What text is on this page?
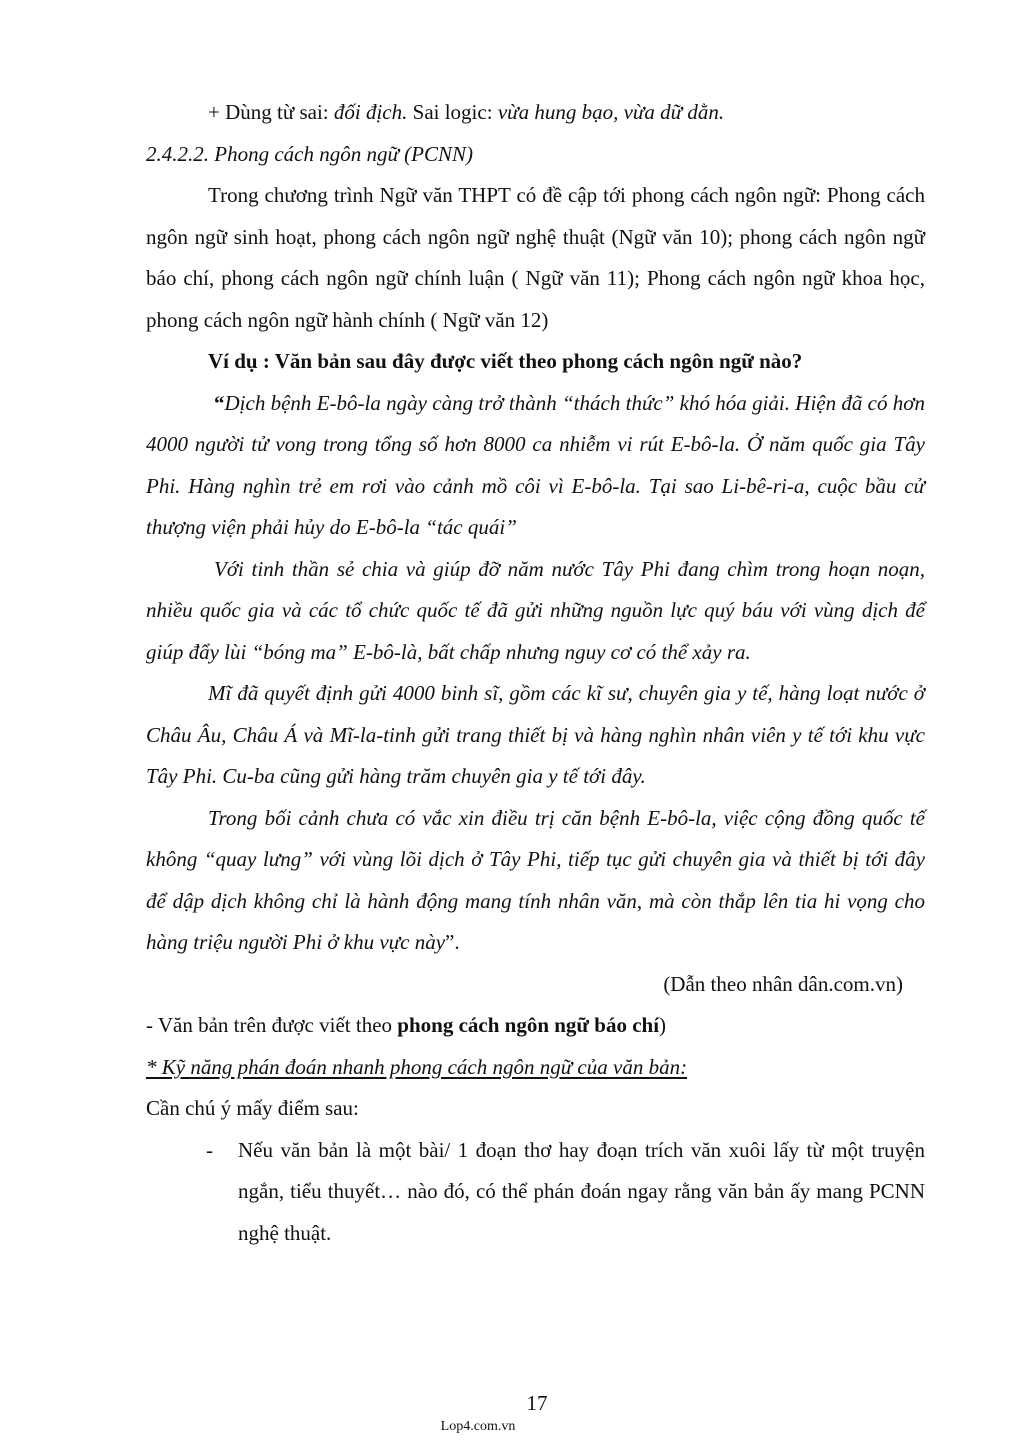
+ Dùng từ sai: đối địch. Sai logic: vừa hung bạo, vừa dữ dằn.

2.4.2.2. Phong cách ngôn ngữ (PCNN)

Trong chương trình Ngữ văn THPT có đề cập tới phong cách ngôn ngữ: Phong cách ngôn ngữ sinh hoạt, phong cách ngôn ngữ nghệ thuật (Ngữ văn 10); phong cách ngôn ngữ báo chí, phong cách ngôn ngữ chính luận ( Ngữ văn 11); Phong cách ngôn ngữ khoa học, phong cách ngôn ngữ hành chính ( Ngữ văn 12)

Ví dụ : Văn bản sau đây được viết theo phong cách ngôn ngữ nào?

“Dịch bệnh E-bô-la ngày càng trở thành “thách thức” khó hóa giải. Hiện đã có hơn 4000 người tử vong trong tổng số hơn 8000 ca nhiễm vi rút E-bô-la. Ở năm quốc gia Tây Phi. Hàng nghìn trẻ em rơi vào cảnh mồ côi vì E-bô-la. Tại sao Li-bê-ri-a, cuộc bầu cử thượng viện phải hủy do E-bô-la “tác quái”

Với tinh thần sẻ chia và giúp đỡ năm nước Tây Phi đang chìm trong hoạn noạn, nhiều quốc gia và các tổ chức quốc tế đã gửi những nguồn lực quý báu với vùng dịch để giúp đẩy lùi “bóng ma” E-bô-là, bất chấp nhưng nguy cơ có thể xảy ra.

Mĩ đã quyết định gửi 4000 binh sĩ, gồm các kĩ sư, chuyên gia y tế, hàng loạt nước ở Châu Âu, Châu Á và Mĩ-la-tinh gửi trang thiết bị và hàng nghìn nhân viên y tế tới khu vực Tây Phi. Cu-ba cũng gửi hàng trăm chuyên gia y tế tới đây.

Trong bối cảnh chưa có vắc xin điều trị căn bệnh E-bô-la, việc cộng đồng quốc tế không “quay lưng” với vùng lõi dịch ở Tây Phi, tiếp tục gửi chuyên gia và thiết bị tới đây để dập dịch không chỉ là hành động mang tính nhân văn, mà còn thắp lên tia hi vọng cho hàng triệu người Phi ở khu vực này”.

(Dẫn theo nhân dân.com.vn)

- Văn bản trên được viết theo phong cách ngôn ngữ báo chí)

* Kỹ năng phán đoán nhanh phong cách ngôn ngữ của văn bản:

Cần chú ý mấy điểm sau:

-	Nếu văn bản là một bài/ 1 đoạn thơ hay đoạn trích văn xuôi lấy từ một truyện ngắn, tiểu thuyết… nào đó, có thể phán đoán ngay rằng văn bản ấy mang PCNN nghệ thuật.
17
Lop4.com.vn
